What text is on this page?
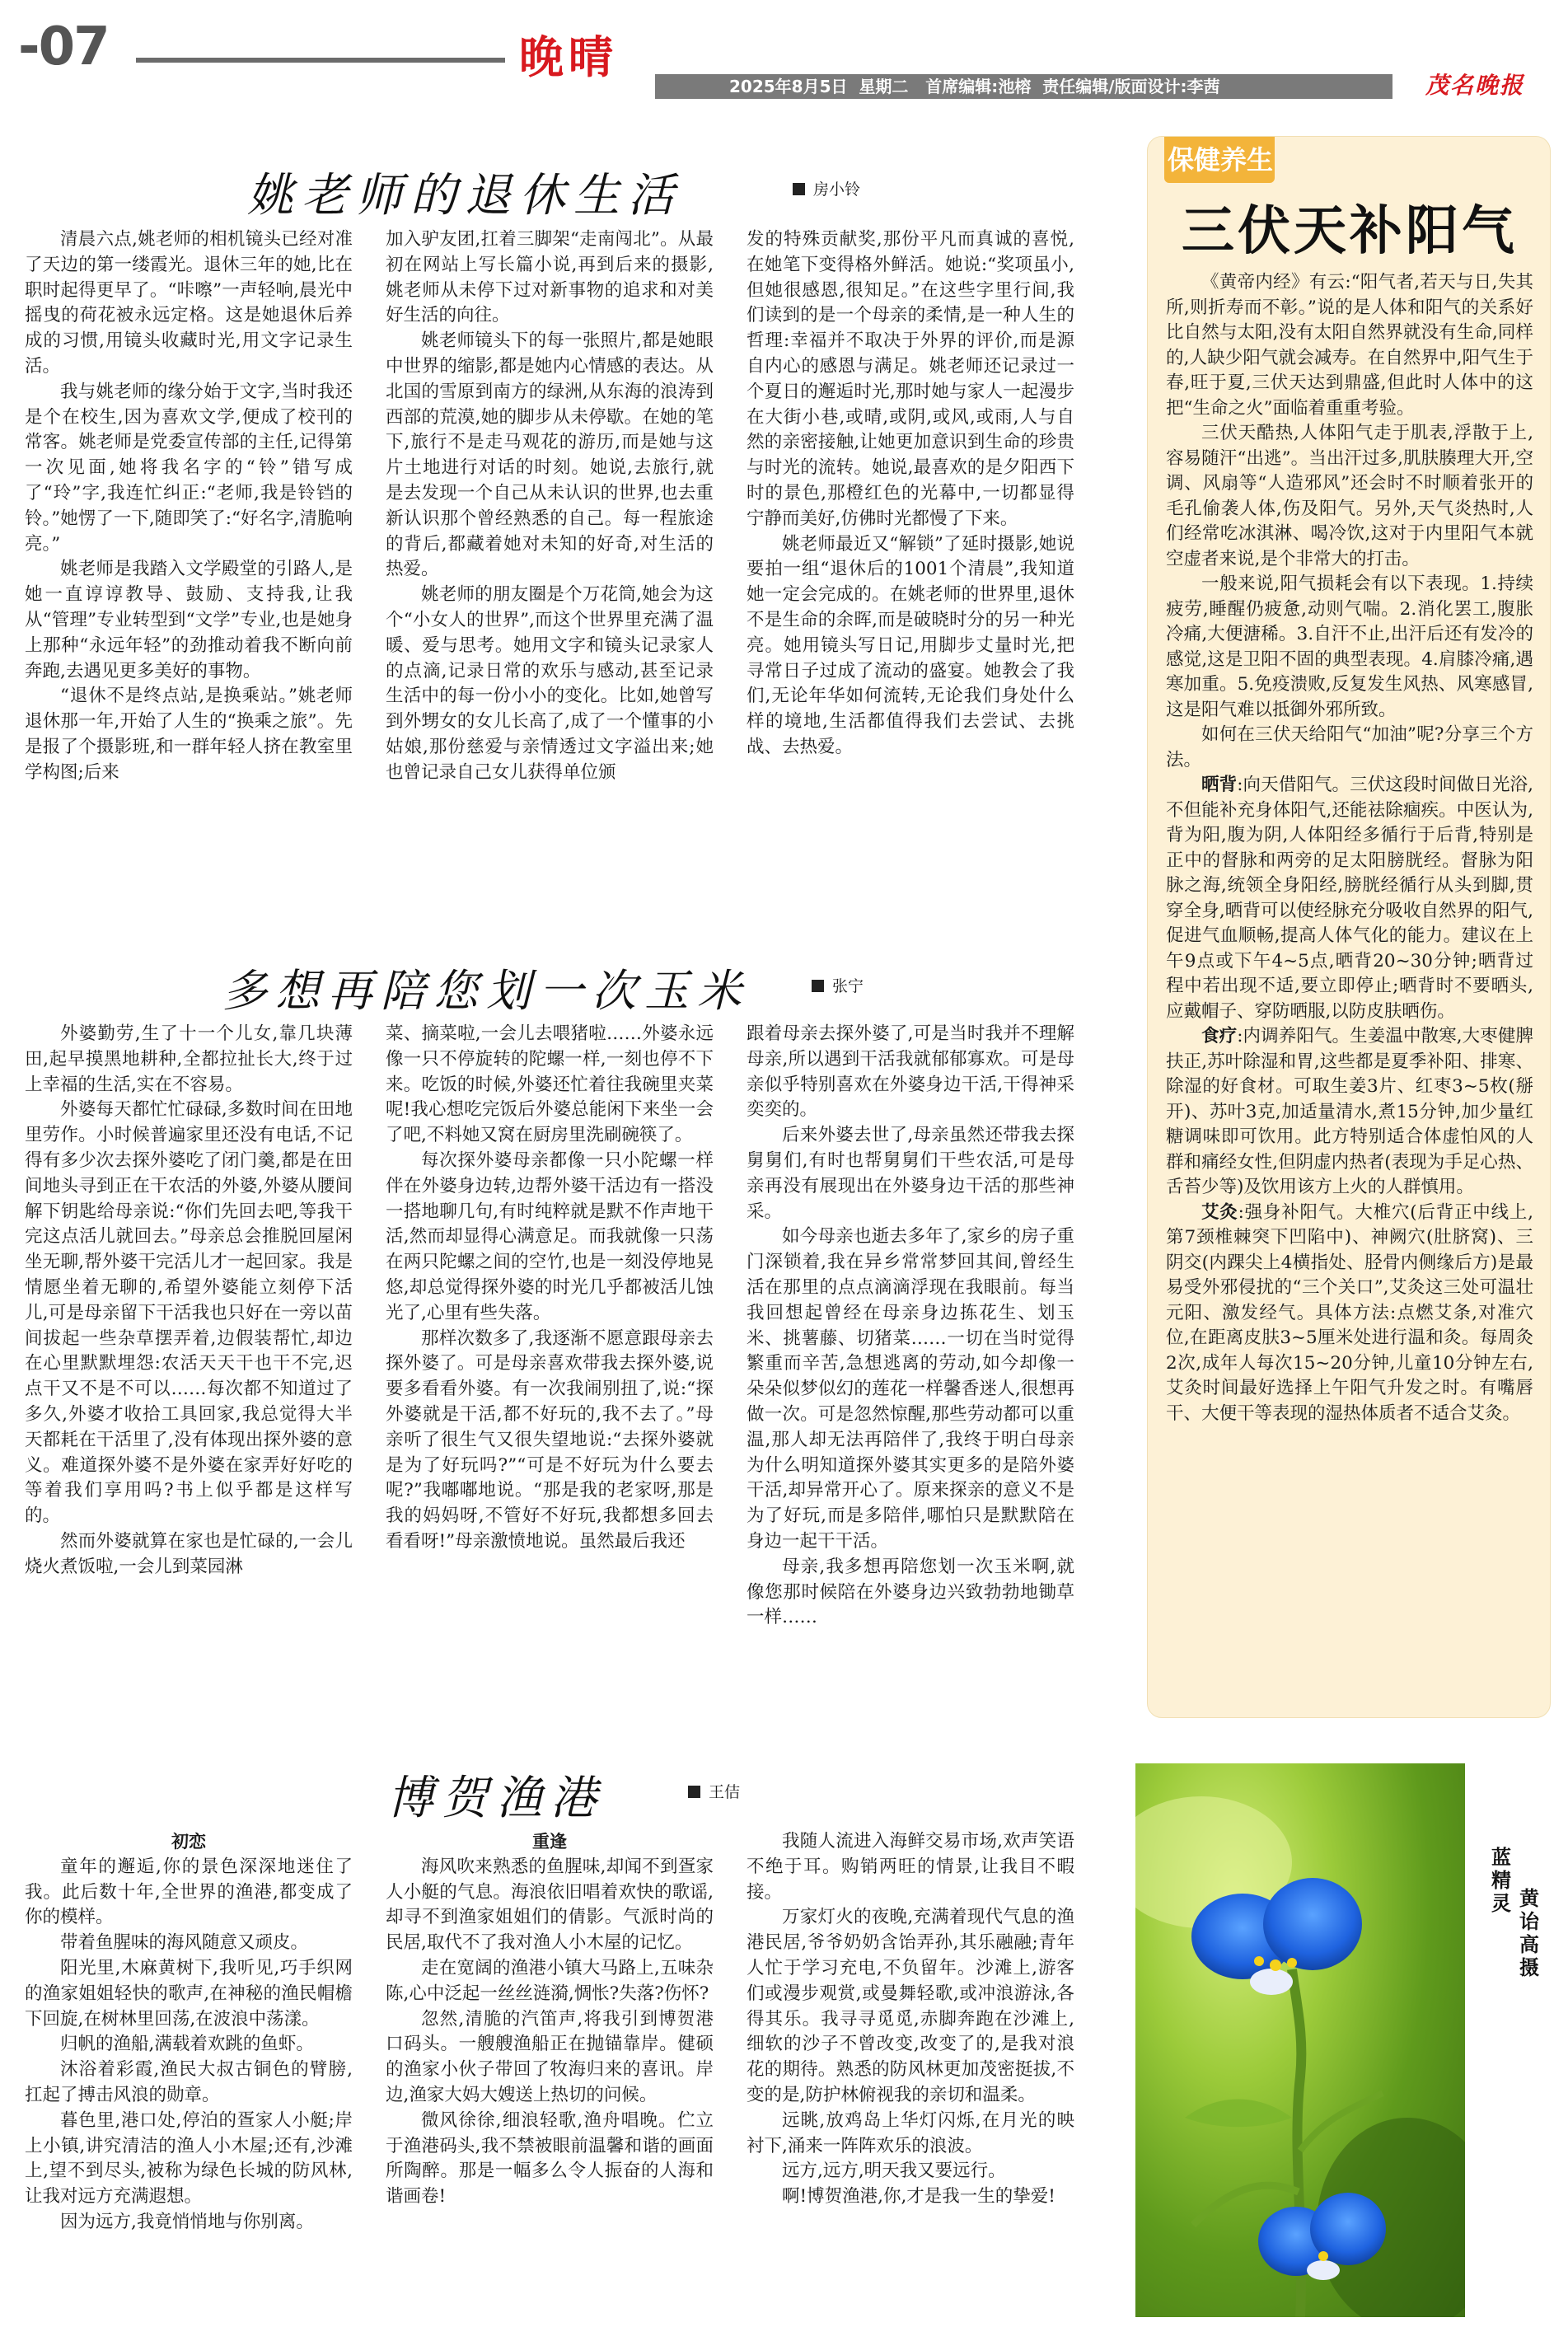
-07	晚晴
2025年8月5日  星期二   首席编辑:池榕  责任编辑/版面设计:李茜	茂名晚报
姚老师的退休生活	房小铃

清晨六点,姚老师的相机镜头已经对准了天边的第一缕霞光。退休三年的她,比在职时起得更早了。“咔嚓”一声轻响,晨光中摇曳的荷花被永远定格。这是她退休后养成的习惯,用镜头收藏时光,用文字记录生活。

我与姚老师的缘分始于文字,当时我还是个在校生,因为喜欢文学,便成了校刊的常客。姚老师是党委宣传部的主任,记得第一次见面,她将我名字的“铃”错写成了“玲”字,我连忙纠正:“老师,我是铃铛的铃。”她愣了一下,随即笑了:“好名字,清脆响亮。”

姚老师是我踏入文学殿堂的引路人,是她一直谆谆教导、鼓励、支持我,让我从“管理”专业转型到“文学”专业,也是她身上那种“永远年轻”的劲推动着我不断向前奔跑,去遇见更多美好的事物。

“退休不是终点站,是换乘站。”姚老师退休那一年,开始了人生的“换乘之旅”。先是报了个摄影班,和一群年轻人挤在教室里学构图;后来

加入驴友团,扛着三脚架“走南闯北”。从最初在网站上写长篇小说,再到后来的摄影,姚老师从未停下过对新事物的追求和对美好生活的向往。

姚老师镜头下的每一张照片,都是她眼中世界的缩影,都是她内心情感的表达。从北国的雪原到南方的绿洲,从东海的浪涛到西部的荒漠,她的脚步从未停歇。在她的笔下,旅行不是走马观花的游历,而是她与这片土地进行对话的时刻。她说,去旅行,就是去发现一个自己从未认识的世界,也去重新认识那个曾经熟悉的自己。每一程旅途的背后,都藏着她对未知的好奇,对生活的热爱。

姚老师的朋友圈是个万花筒,她会为这个“小女人的世界”,而这个世界里充满了温暖、爱与思考。她用文字和镜头记录家人的点滴,记录日常的欢乐与感动,甚至记录生活中的每一份小小的变化。比如,她曾写到外甥女的女儿长高了,成了一个懂事的小姑娘,那份慈爱与亲情透过文字溢出来;她也曾记录自己女儿获得单位颁

发的特殊贡献奖,那份平凡而真诚的喜悦,在她笔下变得格外鲜活。她说:“奖项虽小,但她很感恩,很知足。”在这些字里行间,我们读到的是一个母亲的柔情,是一种人生的哲理:幸福并不取决于外界的评价,而是源自内心的感恩与满足。姚老师还记录过一个夏日的邂逅时光,那时她与家人一起漫步在大街小巷,或晴,或阴,或风,或雨,人与自然的亲密接触,让她更加意识到生命的珍贵与时光的流转。她说,最喜欢的是夕阳西下时的景色,那橙红色的光幕中,一切都显得宁静而美好,仿佛时光都慢了下来。

姚老师最近又“解锁”了延时摄影,她说要拍一组“退休后的1001个清晨”,我知道她一定会完成的。在姚老师的世界里,退休不是生命的余晖,而是破晓时分的另一种光亮。她用镜头写日记,用脚步丈量时光,把寻常日子过成了流动的盛宴。她教会了我们,无论年华如何流转,无论我们身处什么样的境地,生活都值得我们去尝试、去挑战、去热爱。

多想再陪您划一次玉米	张宁

外婆勤劳,生了十一个儿女,靠几块薄田,起早摸黑地耕种,全都拉扯长大,终于过上幸福的生活,实在不容易。

外婆每天都忙忙碌碌,多数时间在田地里劳作。小时候普遍家里还没有电话,不记得有多少次去探外婆吃了闭门羹,都是在田间地头寻到正在干农活的外婆,外婆从腰间解下钥匙给母亲说:“你们先回去吧,等我干完这点活儿就回去。”母亲总会推脱回屋闲坐无聊,帮外婆干完活儿才一起回家。我是情愿坐着无聊的,希望外婆能立刻停下活儿,可是母亲留下干活我也只好在一旁以苗间拔起一些杂草摆弄着,边假装帮忙,却边在心里默默埋怨:农活天天干也干不完,迟点干又不是不可以……每次都不知道过了多久,外婆才收拾工具回家,我总觉得大半天都耗在干活里了,没有体现出探外婆的意义。难道探外婆不是外婆在家弄好好吃的等着我们享用吗?书上似乎都是这样写的。

然而外婆就算在家也是忙碌的,一会儿烧火煮饭啦,一会儿到菜园淋

菜、摘菜啦,一会儿去喂猪啦……外婆永远像一只不停旋转的陀螺一样,一刻也停不下来。吃饭的时候,外婆还忙着往我碗里夹菜呢!我心想吃完饭后外婆总能闲下来坐一会了吧,不料她又窝在厨房里洗刷碗筷了。

每次探外婆母亲都像一只小陀螺一样伴在外婆身边转,边帮外婆干活边有一搭没一搭地聊几句,有时纯粹就是默不作声地干活,然而却显得心满意足。而我就像一只荡在两只陀螺之间的空竹,也是一刻没停地晃悠,却总觉得探外婆的时光几乎都被活儿蚀光了,心里有些失落。

那样次数多了,我逐渐不愿意跟母亲去探外婆了。可是母亲喜欢带我去探外婆,说要多看看外婆。有一次我闹别扭了,说:“探外婆就是干活,都不好玩的,我不去了。”母亲听了很生气又很失望地说:“去探外婆就是为了好玩吗?”“可是不好玩为什么要去呢?”我嘟嘟地说。“那是我的老家呀,那是我的妈妈呀,不管好不好玩,我都想多回去看看呀!”母亲激愤地说。虽然最后我还

跟着母亲去探外婆了,可是当时我并不理解母亲,所以遇到干活我就郁郁寡欢。可是母亲似乎特别喜欢在外婆身边干活,干得神采奕奕的。

后来外婆去世了,母亲虽然还带我去探舅舅们,有时也帮舅舅们干些农活,可是母亲再没有展现出在外婆身边干活的那些神采。

如今母亲也逝去多年了,家乡的房子重门深锁着,我在异乡常常梦回其间,曾经生活在那里的点点滴滴浮现在我眼前。每当我回想起曾经在母亲身边拣花生、划玉米、挑薯藤、切猪菜……一切在当时觉得繁重而辛苦,急想逃离的劳动,如今却像一朵朵似梦似幻的莲花一样馨香迷人,很想再做一次。可是忽然惊醒,那些劳动都可以重温,那人却无法再陪伴了,我终于明白母亲为什么明知道探外婆其实更多的是陪外婆干活,却异常开心了。原来探亲的意义不是为了好玩,而是多陪伴,哪怕只是默默陪在身边一起干干活。

母亲,我多想再陪您划一次玉米啊,就像您那时候陪在外婆身边兴致勃勃地锄草一样……

保健养生
三伏天补阳气

《黄帝内经》有云:“阳气者,若天与日,失其所,则折寿而不彰。”说的是人体和阳气的关系好比自然与太阳,没有太阳自然界就没有生命,同样的,人缺少阳气就会减寿。在自然界中,阳气生于春,旺于夏,三伏天达到鼎盛,但此时人体中的这把“生命之火”面临着重重考验。

三伏天酷热,人体阳气走于肌表,浮散于上,容易随汗“出逃”。当出汗过多,肌肤腠理大开,空调、风扇等“人造邪风”还会时不时顺着张开的毛孔偷袭人体,伤及阳气。另外,天气炎热时,人们经常吃冰淇淋、喝冷饮,这对于内里阳气本就空虚者来说,是个非常大的打击。

一般来说,阳气损耗会有以下表现。1.持续疲劳,睡醒仍疲惫,动则气喘。2.消化罢工,腹胀冷痛,大便溏稀。3.自汗不止,出汗后还有发冷的感觉,这是卫阳不固的典型表现。4.肩膝冷痛,遇寒加重。5.免疫溃败,反复发生风热、风寒感冒,这是阳气难以抵御外邪所致。

如何在三伏天给阳气“加油”呢?分享三个方法。

晒背:向天借阳气。三伏这段时间做日光浴,不但能补充身体阳气,还能祛除痼疾。中医认为,背为阳,腹为阴,人体阳经多循行于后背,特别是正中的督脉和两旁的足太阳膀胱经。督脉为阳脉之海,统领全身阳经,膀胱经循行从头到脚,贯穿全身,晒背可以使经脉充分吸收自然界的阳气,促进气血顺畅,提高人体气化的能力。建议在上午9点或下午4~5点,晒背20~30分钟;晒背过程中若出现不适,要立即停止;晒背时不要晒头,应戴帽子、穿防晒服,以防皮肤晒伤。

食疗:内调养阳气。生姜温中散寒,大枣健脾扶正,苏叶除湿和胃,这些都是夏季补阳、排寒、除湿的好食材。可取生姜3片、红枣3~5枚(掰开)、苏叶3克,加适量清水,煮15分钟,加少量红糖调味即可饮用。此方特别适合体虚怕风的人群和痛经女性,但阴虚内热者(表现为手足心热、舌苔少等)及饮用该方上火的人群慎用。

艾灸:强身补阳气。大椎穴(后背正中线上,第7颈椎棘突下凹陷中)、神阙穴(肚脐窝)、三阴交(内踝尖上4横指处、胫骨内侧缘后方)是最易受外邪侵扰的“三个关口”,艾灸这三处可温壮元阳、激发经气。具体方法:点燃艾条,对准穴位,在距离皮肤3~5厘米处进行温和灸。每周灸2次,成年人每次15~20分钟,儿童10分钟左右,艾灸时间最好选择上午阳气升发之时。有嘴唇干、大便干等表现的湿热体质者不适合艾灸。

博贺渔港	王佶

初恋

童年的邂逅,你的景色深深地迷住了我。此后数十年,全世界的渔港,都变成了你的模样。

带着鱼腥味的海风随意又顽皮。

阳光里,木麻黄树下,我听见,巧手织网的渔家姐姐轻快的歌声,在神秘的渔民帽檐下回旋,在树林里回荡,在波浪中荡漾。

归帆的渔船,满载着欢跳的鱼虾。

沐浴着彩霞,渔民大叔古铜色的臂膀,扛起了搏击风浪的勋章。

暮色里,港口处,停泊的疍家人小艇;岸上小镇,讲究清洁的渔人小木屋;还有,沙滩上,望不到尽头,被称为绿色长城的防风林,让我对远方充满遐想。

因为远方,我竟悄悄地与你别离。

重逢

海风吹来熟悉的鱼腥味,却闻不到疍家人小艇的气息。海浪依旧唱着欢快的歌谣,却寻不到渔家姐姐们的倩影。气派时尚的民居,取代不了我对渔人小木屋的记忆。

走在宽阔的渔港小镇大马路上,五味杂陈,心中泛起一丝丝涟漪,惆怅?失落?伤怀?

忽然,清脆的汽笛声,将我引到博贺港口码头。一艘艘渔船正在抛锚靠岸。健硕的渔家小伙子带回了牧海归来的喜讯。岸边,渔家大妈大嫂送上热切的问候。

微风徐徐,细浪轻歌,渔舟唱晚。伫立于渔港码头,我不禁被眼前温馨和谐的画面所陶醉。那是一幅多么令人振奋的人海和谐画卷!

我随人流进入海鲜交易市场,欢声笑语不绝于耳。购销两旺的情景,让我目不暇接。

万家灯火的夜晚,充满着现代气息的渔港民居,爷爷奶奶含饴弄孙,其乐融融;青年人忙于学习充电,不负留年。沙滩上,游客们或漫步观赏,或曼舞轻歌,或冲浪游泳,各得其乐。我寻寻觅觅,赤脚奔跑在沙滩上,细软的沙子不曾改变,改变了的,是我对浪花的期待。熟悉的防风林更加茂密挺拔,不变的是,防护林俯视我的亲切和温柔。

远眺,放鸡岛上华灯闪烁,在月光的映衬下,涌来一阵阵欢乐的浪波。

远方,远方,明天我又要远行。

啊!博贺渔港,你,才是我一生的挚爱!

蓝精灵 黄诒高 摄
